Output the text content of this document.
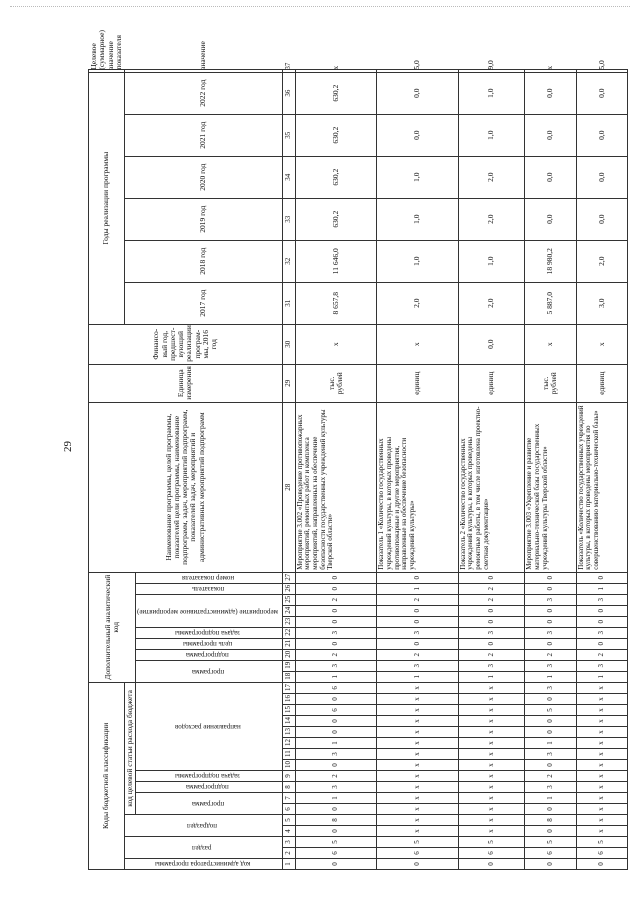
29
Коды бюджетной классификации																	Дополнительный аналитический код										Наименование программы, целей программы, показателей цели программы, наименование подпрограмм, задач, мероприятий подпрограмм, показателей задач, мероприятий и административных мероприятий подпрограмм	Единица измерения	Финансо-вый год, предшест-вующий реализации програм-мы, 2016 год	Годы реализации программы						Целевое (суммарное) значение показателя
код администратора программы	раздел		подраздел		код целевой статьи расхода бюджета																									2017 год	2018 год	2019 год	2020 год	2021 год	2022 год	значение
					программа		подпрограмма	задача подпрограммы	направление расходов								программа		подпрограмма	цель программы	задача подпрограммы	мероприятие (административное мероприятие)			показатель	номер показателя										
1	2	3	4	5	6	7	8	9	10	11	12	13	14	15	16	17	18	19	20	21	22	23	24	25	26	27	28	29	30	31	32	33	34	35	36	37
0	6	5	0	8	0	1	3	2	0	3	1	0	0	6	0	6	1	3	2	0	3	0	0	2	0	0	Мероприятие 3.002 «Проведение противопожарных мероприятий, ремонтных работ и комплекса мероприятий, направленных на обеспечение безопасности государственных учреждений культуры Тверской области»	тыс. рублей	х	8 657,8	11 646,0	630,2	630,2	630,2	630,2	х
0	6	5	х	х	х	х	х	х	х	х	х	х	х	х	х	х	1	3	2	0	3	0	0	2	1	0	Показатель 1 «Количество государственных учреждений культуры, в которых проведены противопожарные и другие мероприятия, направленные на обеспечение безопасности учреждений культуры»	единиц	х	2,0	1,0	1,0	1,0	0,0	0,0	5,0
0	6	5	х	х	х	х	х	х	х	х	х	х	х	х	х	х	1	3	2	0	3	0	0	2	2	0	Показатель 2 «Количество государственных учреждений культуры, в которых проведены ремонтные работы, в том числе изготовлена проектно-сметная документация»	единиц	0,0	2,0	1,0	2,0	2,0	1,0	1,0	9,0
0	6	5	0	8	0	1	3	2	0	3	1	0	0	5	0	3	1	3	2	0	3	0	0	3	0	0	Мероприятие 3.003 «Укрепление и развитие материально-технической базы государственных учреждений культуры Тверской области»	тыс. рублей	х	5 887,0	18 980,2	0,0	0,0	0,0	0,0	х
0	6	5	х	х	х	х	х	х	х	х	х	х	х	х	х	х	1	3	2	0	3	0	0	3	1	0	Показатель «Количество государственных учреждений культуры, в которых проведены мероприятия по совершенствованию материально-технической базы»	единиц	х	3,0	2,0	0,0	0,0	0,0	0,0	5,0
